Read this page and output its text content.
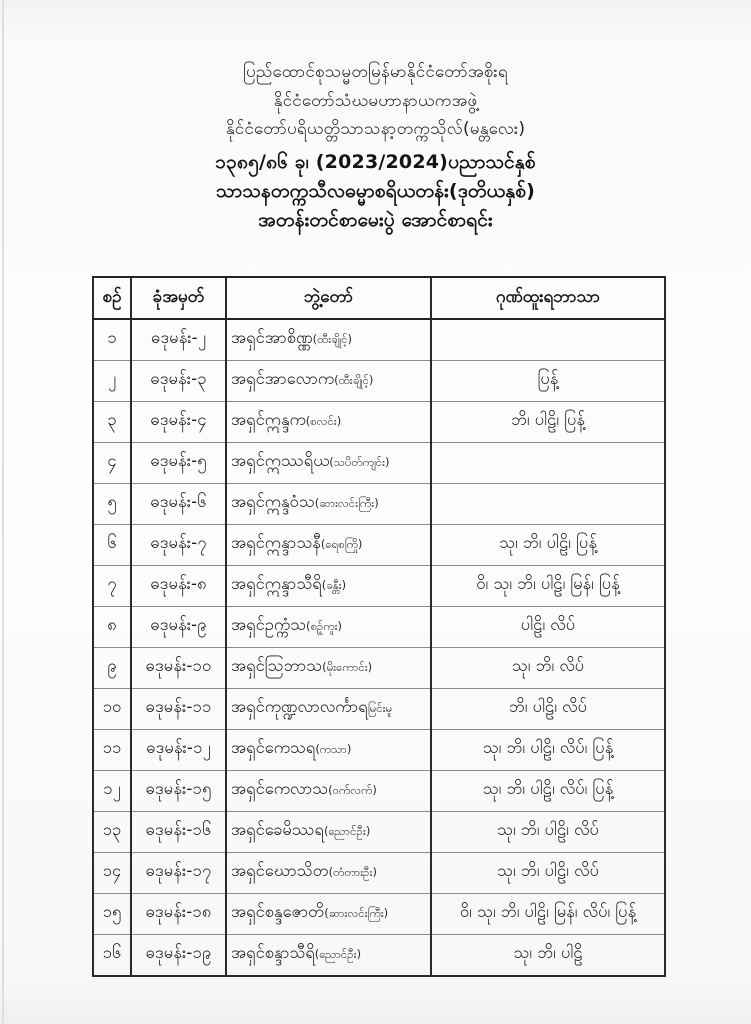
ပြည်ထောင်စုသမ္မတမြန်မာနိုင်ငံတော်အစိုးရ
နိုင်ငံတော်သံဃမဟာနာယကအဖွဲ့
နိုင်ငံတော်ပရိယတ္တိသာသနာ့တက္ကသိုလ်(မန္တလေး)
၁၃၈၅/၈၆ ခု၊ (2023/2024)ပညာသင်နှစ်
သာသနတက္ကသီလဓမ္မာစရိယတန်း(ဒုတိယနှစ်)
အတန်းတင်စာမေးပွဲ အောင်စာရင်း
စဉ်	ခုံအမှတ်	ဘွဲ့တော်	ဂုဏ်ထူးရဘာသာ
၁	ဓဒုမန်း-၂	အရှင်အာစိဏ္ဏ(ထီးချိုင့်)	
၂	ဓဒုမန်း-၃	အရှင်အာလောက(ထီးချိုင့်)	ပြန့်
၃	ဓဒုမန်း-၄	အရှင်ဣန္ဒက(စလင်း)	ဘိ၊ ပါဠိ၊ ပြန့်
၄	ဓဒုမန်း-၅	အရှင်ဣဿရိယ(သပိတ်ကျင်း)	
၅	ဓဒုမန်း-၆	အရှင်ဣန္ဒဝံသ(ဆားလင်းကြီး)	
၆	ဓဒုမန်း-၇	အရှင်ဣန္ဒာသနီ(ရေစကြို)	သု၊ ဘိ၊ ပါဠိ၊ ပြန့်
၇	ဓဒုမန်း-၈	အရှင်ဣန္ဒာသီရိ(ခန္တီး)	ဝိ၊ သု၊ ဘိ၊ ပါဠိ၊ မြန်၊ ပြန့်
၈	ဓဒုမန်း-၉	အရှင်ဥက္ကံသ(စဉ့်ကူး)	ပါဠိ၊ လိပ်
၉	ဓဒုမန်း-၁၀	အရှင်သြဘာသ(မိုးကောင်း)	သု၊ ဘိ၊ လိပ်
၁၀	ဓဒုမန်း-၁၁	အရှင်ကုဏ္ဍလာလင်္ကာရမြင်းမူ	ဘိ၊ ပါဠိ၊ လိပ်
၁၁	ဓဒုမန်း-၁၂	အရှင်ကေသရ(ကသာ)	သု၊ ဘိ၊ ပါဠိ၊ လိပ်၊ ပြန့်
၁၂	ဓဒုမန်း-၁၅	အရှင်ကေလာသ(ဝက်လက်)	သု၊ ဘိ၊ ပါဠိ၊ လိပ်၊ ပြန့်
၁၃	ဓဒုမန်း-၁၆	အရှင်ခေမိဿရ(ညောင်ဦး)	သု၊ ဘိ၊ ပါဠိ၊ လိပ်
၁၄	ဓဒုမန်း-၁၇	အရှင်ဃောသိတ(တံတားဦး)	သု၊ ဘိ၊ ပါဠိ၊ လိပ်
၁၅	ဓဒုမန်း-၁၈	အရှင်စန္ဒဇောတိ(ဆားလင်းကြီး)	ဝိ၊ သု၊ ဘိ၊ ပါဠိ၊ မြန်၊ လိပ်၊ ပြန့်
၁၆	ဓဒုမန်း-၁၉	အရှင်စန္ဒာသီရိ(ညောင်ဦး)	သု၊ ဘိ၊ ပါဠိ
